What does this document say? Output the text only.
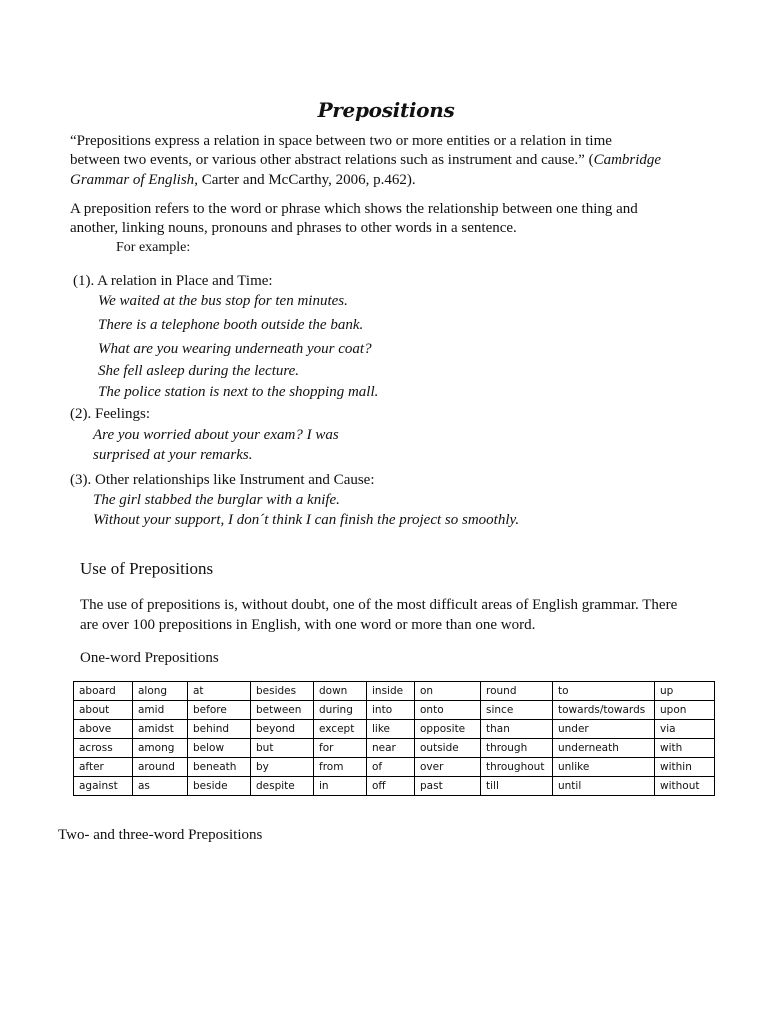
Prepositions
“Prepositions express a relation in space between two or more entities or a relation in time
between two events, or various other abstract relations such as instrument and cause.” (Cambridge
Grammar of English, Carter and McCarthy, 2006, p.462).
A preposition refers to the word or phrase which shows the relationship between one thing and
another, linking nouns, pronouns and phrases to other words in a sentence.
For example:
(1). A relation in Place and Time:
We waited at the bus stop for ten minutes.
There is a telephone booth outside the bank.
What are you wearing underneath your coat?
She fell asleep during the lecture.
The police station is next to the shopping mall.
(2). Feelings:
Are you worried about your exam? I was
surprised at your remarks.
(3). Other relationships like Instrument and Cause:
The girl stabbed the burglar with a knife.
Without your support, I don´t think I can finish the project so smoothly.
Use of Prepositions
The use of prepositions is, without doubt, one of the most difficult areas of English grammar. There
are over 100 prepositions in English, with one word or more than one word.
One-word Prepositions
aboard	along	at	besides	down	inside	on	round	to	up
about	amid	before	between	during	into	onto	since	towards/towards	upon
above	amidst	behind	beyond	except	like	opposite	than	under	via
across	among	below	but	for	near	outside	through	underneath	with
after	around	beneath	by	from	of	over	throughout	unlike	within
against	as	beside	despite	in	off	past	till	until	without
Two- and three-word Prepositions
